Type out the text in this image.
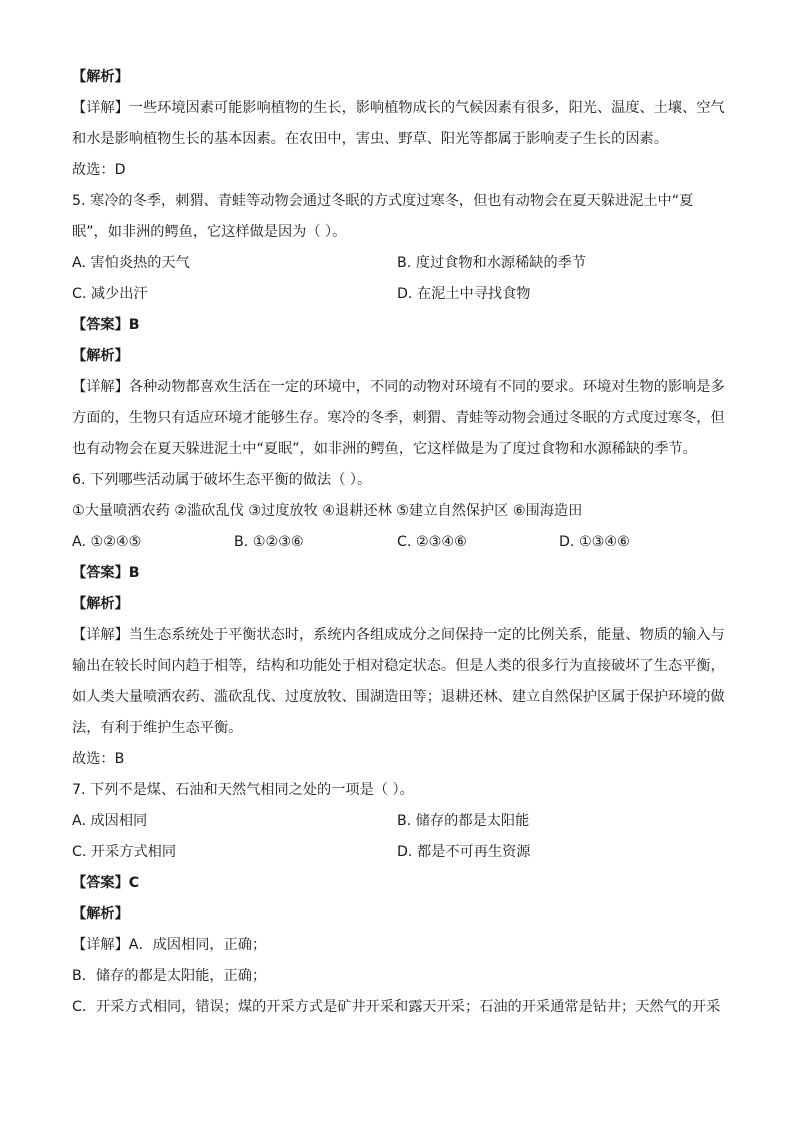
【解析】
【详解】一些环境因素可能影响植物的生长，影响植物成长的气候因素有很多，阳光、温度、土壤、空气
和水是影响植物生长的基本因素。在农田中，害虫、野草、阳光等都属于影响麦子生长的因素。
故选：D
5. 寒冷的冬季，刺猬、青蛙等动物会通过冬眠的方式度过寒冬，但也有动物会在夏天躲进泥土中“夏
眠”，如非洲的鳄鱼，它这样做是因为（ ）。
A. 害怕炎热的天气	B. 度过食物和水源稀缺的季节
C. 减少出汗	D. 在泥土中寻找食物
【答案】B
【解析】
【详解】各种动物都喜欢生活在一定的环境中，不同的动物对环境有不同的要求。环境对生物的影响是多
方面的，生物只有适应环境才能够生存。寒冷的冬季，刺猬、青蛙等动物会通过冬眠的方式度过寒冬，但
也有动物会在夏天躲进泥土中“夏眠”，如非洲的鳄鱼，它这样做是为了度过食物和水源稀缺的季节。
6. 下列哪些活动属于破坏生态平衡的做法（ ）。
①大量喷洒农药 ②滥砍乱伐 ③过度放牧 ④退耕还林 ⑤建立自然保护区 ⑥围海造田
A. ①②④⑤	B. ①②③⑥	C. ②③④⑥	D. ①③④⑥
【答案】B
【解析】
【详解】当生态系统处于平衡状态时，系统内各组成成分之间保持一定的比例关系，能量、物质的输入与
输出在较长时间内趋于相等，结构和功能处于相对稳定状态。但是人类的很多行为直接破坏了生态平衡，
如人类大量喷洒农药、滥砍乱伐、过度放牧、围湖造田等；退耕还林、建立自然保护区属于保护环境的做
法，有利于维护生态平衡。
故选：B
7. 下列不是煤、石油和天然气相同之处的一项是（ ）。
A. 成因相同	B. 储存的都是太阳能
C. 开采方式相同	D. 都是不可再生资源
【答案】C
【解析】
【详解】A．成因相同，正确；
B．储存的都是太阳能，正确；
C．开采方式相同，错误；煤的开采方式是矿井开采和露天开采；石油的开采通常是钻井；天然气的开采
